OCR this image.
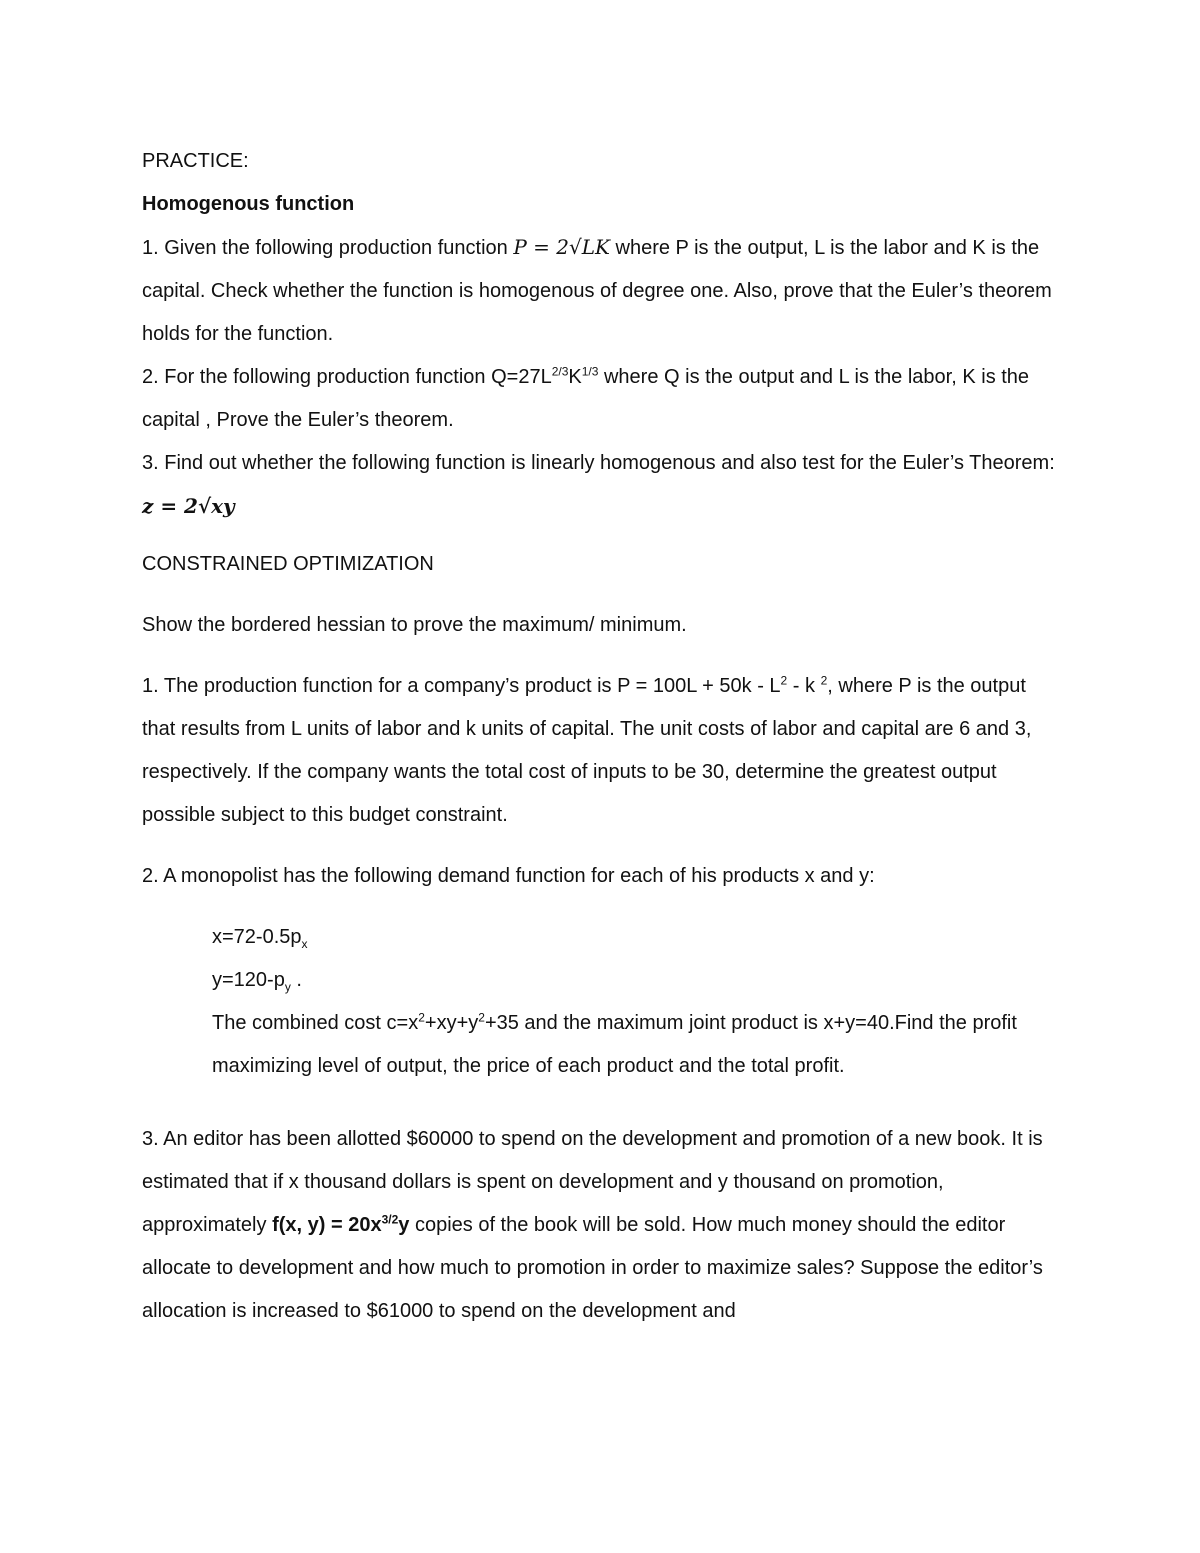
PRACTICE:

Homogenous function

1. Given the following production function P = 2√LK where P is the output, L is the labor and K is the capital. Check whether the function is homogenous of degree one. Also, prove that the Euler’s theorem holds for the function.

2. For the following production function $Q=27L^{2/3}K^{1/3}$ where Q is the output and L is the labor, K is the capital , Prove the Euler’s theorem.

3. Find out whether the following function is linearly homogenous and also test for the Euler’s Theorem: z = 2√xy

CONSTRAINED OPTIMIZATION

Show the bordered hessian to prove the maximum/ minimum.

1. The production function for a company’s product is $P = 100L + 50k - L^2 - k$ $^2$, where P is the output that results from L units of labor and k units of capital. The unit costs of labor and capital are 6 and 3, respectively. If the company wants the total cost of inputs to be 30, determine the greatest output possible subject to this budget constraint.

2. A monopolist has the following demand function for each of his products x and y:

$x=72-0.5p_x$

$y=120-p_y$ .

The combined cost $c=x^2+xy+y^2+35$ and the maximum joint product is x+y=40.Find the profit maximizing level of output, the price of each product and the total profit.

3. An editor has been allotted $60000 to spend on the development and promotion of a new book. It is estimated that if x thousand dollars is spent on development and y thousand on promotion, approximately f(x, $y) = 20x^{3/2}y$ copies of the book will be sold. How much money should the editor allocate to development and how much to promotion in order to maximize sales? Suppose the editor’s allocation is increased to $61000 to spend on the development and
